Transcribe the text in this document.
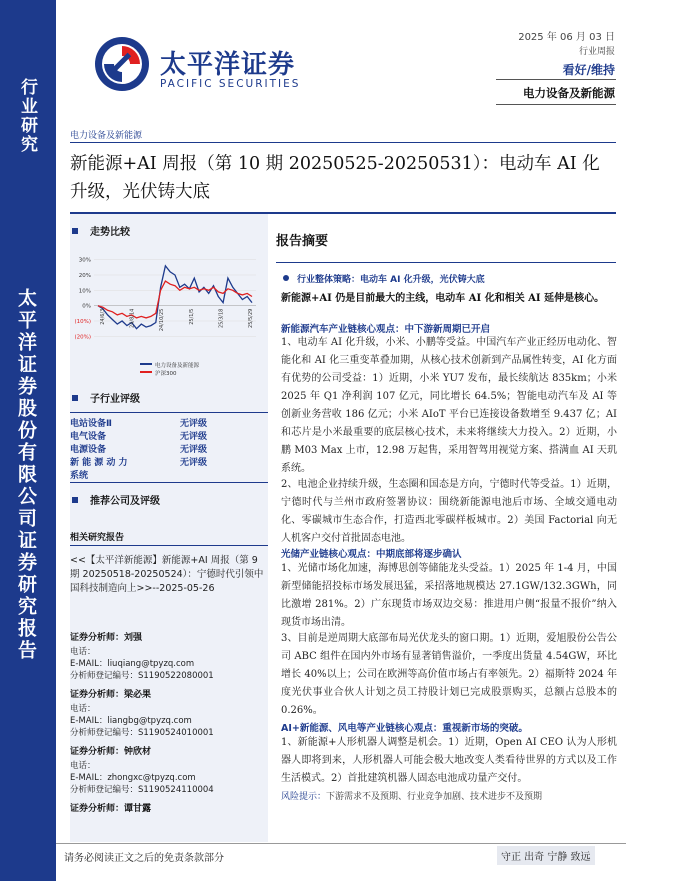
行业研究
太平洋证券股份有限公司证券研究报告
太平洋证券
PACIFIC SECURITIES
2025 年 06 月 03 日
行业周报
看好/维持
电力设备及新能源
电力设备及新能源
新能源+AI 周报（第 10 期 20250525-20250531）：电动车 AI 化
升级，光伏铸大底
走势比较
30%
20%
10%
0%
(10%)
(20%)
24/6/3	24/8/14	24/10/25	25/1/5	25/3/18	25/5/29
电力设备及新能源
沪深300
子行业评级
电站设备Ⅱ	无评级
电气设备	无评级
电源设备	无评级
新 能 源 动 力	无评级
系统	
推荐公司及评级
相关研究报告
<<【太平洋新能源】新能源+AI 周报（第 9 期 20250518-20250524）：宁德时代引领中国科技制造向上>>--2025-05-26
证券分析师：刘强
电话：
E-MAIL：liuqiang@tpyzq.com
分析师登记编号：S1190522080001
证券分析师：梁必果
电话：
E-MAIL：liangbg@tpyzq.com
分析师登记编号：S1190524010001
证券分析师：钟欣材
电话：
E-MAIL：zhongxc@tpyzq.com
分析师登记编号：S1190524110004
证券分析师：谭甘露
报告摘要
行业整体策略：电动车 AI 化升级，光伏铸大底
新能源+AI 仍是目前最大的主线，电动车 AI 化和相关 AI 延伸是核心。
新能源汽车产业链核心观点：中下游新周期已开启
1、电动车 AI 化升级，小米、小鹏等受益。中国汽车产业正经历电动化、智能化和 AI 化三重变革叠加期，从核心技术创新到产品属性转变，AI 化方面有优势的公司受益：1）近期，小米 YU7 发布，最长续航达 835km；小米 2025 年 Q1 净利润 107 亿元，同比增长 64.5%；智能电动汽车及 AI 等创新业务营收 186 亿元；小米 AIoT 平台已连接设备数增至 9.437 亿；AI 和芯片是小米最重要的底层核心技术，未来将继续大力投入。2）近期，小鹏 M03 Max 上市，12.98 万起售，采用智驾用视觉方案、搭满血 AI 天玑系统。
2、电池企业持续升级，生态圈和国态是方向，宁德时代等受益。1）近期，宁德时代与兰州市政府签署协议：围绕新能源电池后市场、全域交通电动化、零碳城市生态合作，打造西北零碳样板城市。2）美国 Factorial 向无人机客户交付首批固态电池。
光储产业链核心观点：中期底部将逐步确认
1、光储市场化加速，海博思创等储能龙头受益。1）2025 年 1-4 月，中国新型储能招投标市场发展迅猛，采招落地规模达 27.1GW/132.3GWh，同比激增 281%。2）广东现货市场双边交易：推进用户侧“报量不报价”纳入现货市场出清。
3、目前是逆周期大底部布局光伏龙头的窗口期。1）近期，爱旭股份公告公司 ABC 组件在国内外市场有显著销售溢价，一季度出货量 4.54GW，环比增长 40%以上；公司在欧洲等高价值市场占有率领先。2）福斯特 2024 年度光伏事业合伙人计划之员工持股计划已完成股票购买，总额占总股本的 0.26%。
AI+新能源、风电等产业链核心观点：重视新市场的突破。
1、新能源+人形机器人调整是机会。1）近期，Open AI CEO 认为人形机器人即将到来，人形机器人可能会极大地改变人类看待世界的方式以及工作生活模式。2）首批建筑机器人固态电池成功量产交付。
风险提示：下游需求不及预期、行业竞争加剧、技术进步不及预期
请务必阅读正文之后的免责条款部分	守正 出奇 宁静 致远
